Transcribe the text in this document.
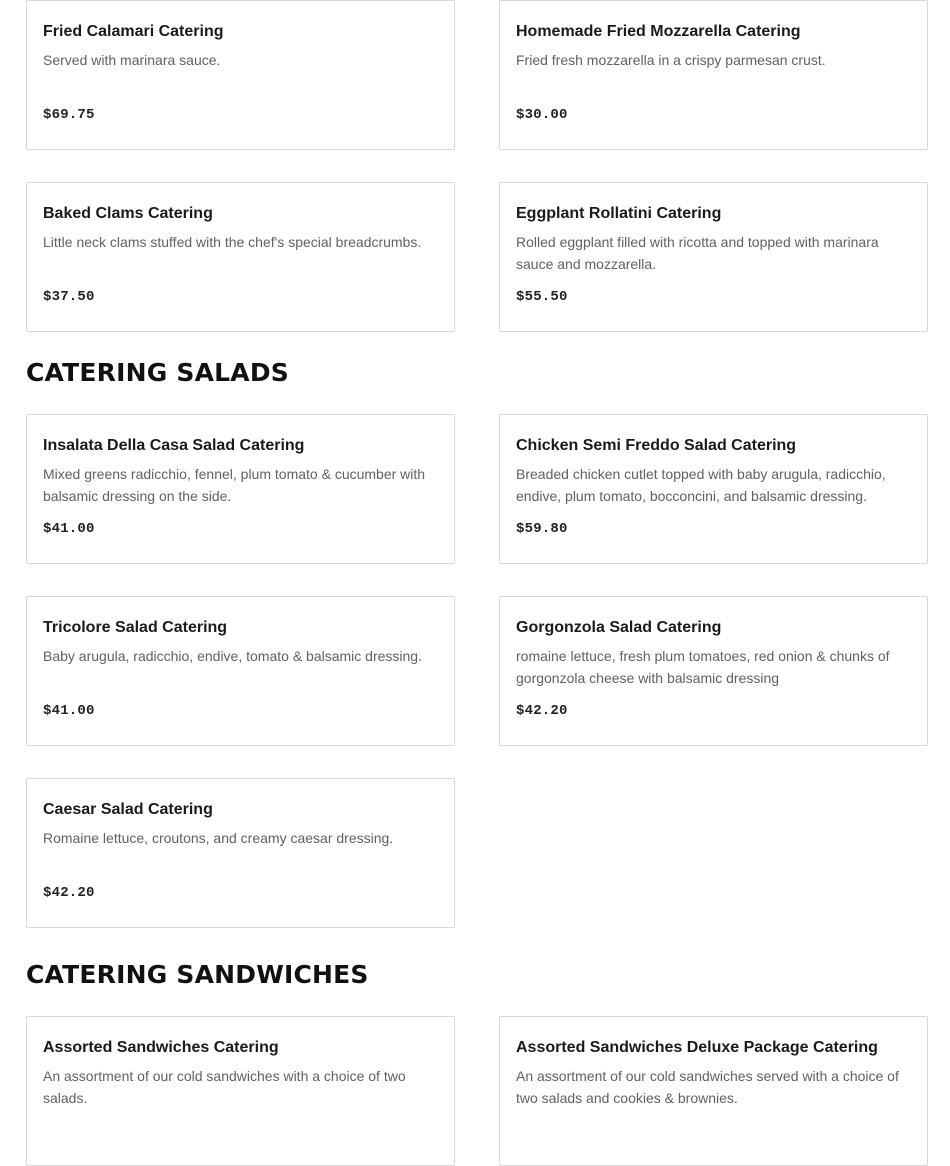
Fried Calamari Catering
Served with marinara sauce.
$69.75
Homemade Fried Mozzarella Catering
Fried fresh mozzarella in a crispy parmesan crust.
$30.00
Baked Clams Catering
Little neck clams stuffed with the chef's special breadcrumbs.
$37.50
Eggplant Rollatini Catering
Rolled eggplant filled with ricotta and topped with marinara sauce and mozzarella.
$55.50
CATERING SALADS
Insalata Della Casa Salad Catering
Mixed greens radicchio, fennel, plum tomato & cucumber with balsamic dressing on the side.
$41.00
Chicken Semi Freddo Salad Catering
Breaded chicken cutlet topped with baby arugula, radicchio, endive, plum tomato, bocconcini, and balsamic dressing.
$59.80
Tricolore Salad Catering
Baby arugula, radicchio, endive, tomato & balsamic dressing.
$41.00
Gorgonzola Salad Catering
romaine lettuce, fresh plum tomatoes, red onion & chunks of gorgonzola cheese with balsamic dressing
$42.20
Caesar Salad Catering
Romaine lettuce, croutons, and creamy caesar dressing.
$42.20
CATERING SANDWICHES
Assorted Sandwiches Catering
An assortment of our cold sandwiches with a choice of two salads.
Assorted Sandwiches Deluxe Package Catering
An assortment of our cold sandwiches served with a choice of two salads and cookies & brownies.
